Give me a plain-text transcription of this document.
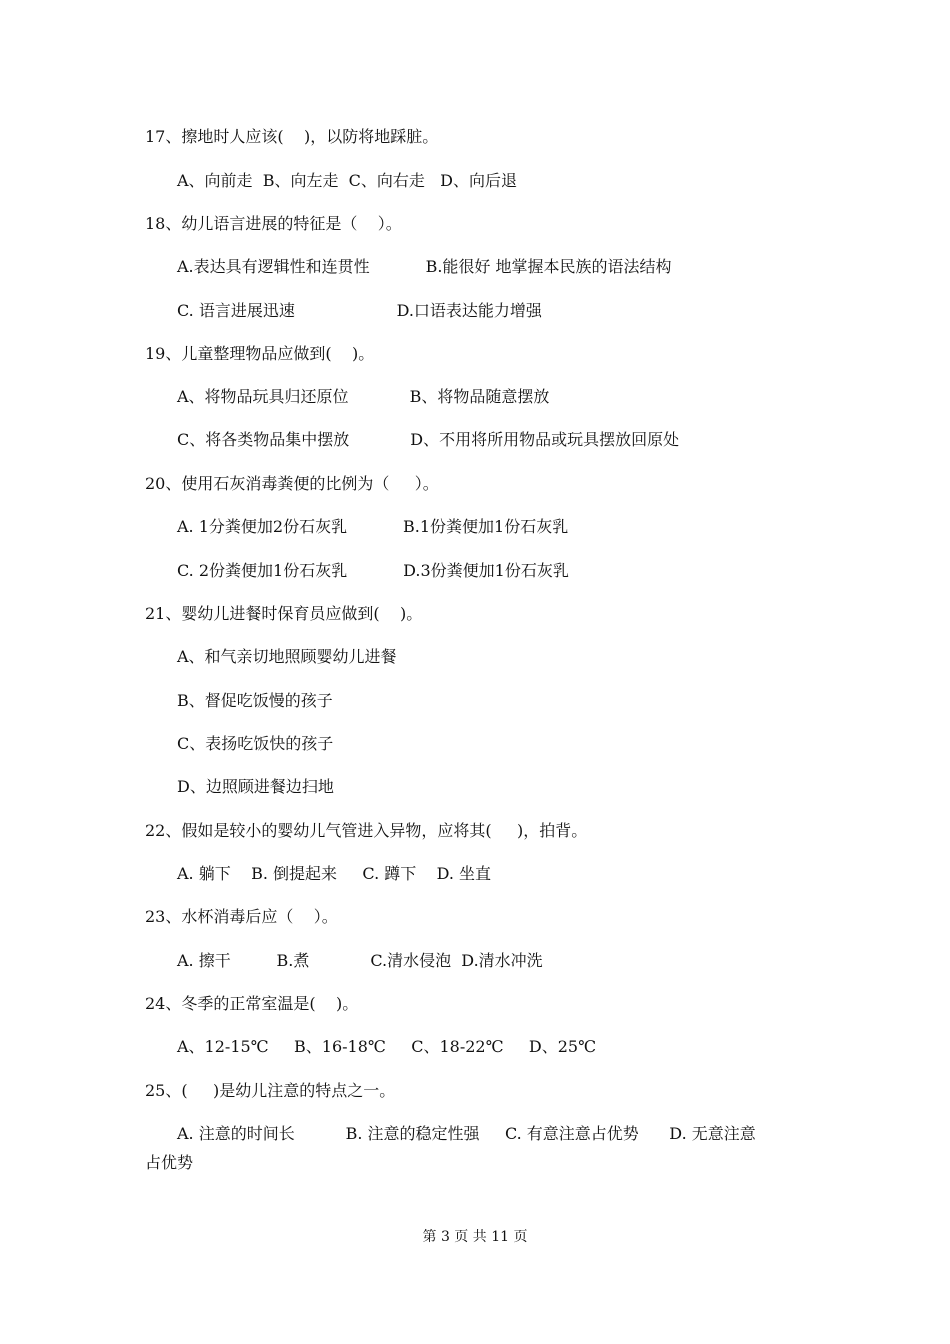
17、擦地时人应该(    )，以防将地踩脏。
A、向前走  B、向左走  C、向右走   D、向后退
18、幼儿语言进展的特征是（    ）。
A.表达具有逻辑性和连贯性           B.能很好 地掌握本民族的语法结构
C. 语言进展迅速                    D.口语表达能力增强
19、儿童整理物品应做到(    )。
A、将物品玩具归还原位            B、将物品随意摆放
C、将各类物品集中摆放            D、不用将所用物品或玩具摆放回原处
20、使用石灰消毒粪便的比例为（     ）。
A. 1分粪便加2份石灰乳           B.1份粪便加1份石灰乳
C. 2份粪便加1份石灰乳           D.3份粪便加1份石灰乳
21、婴幼儿进餐时保育员应做到(    )。
A、和气亲切地照顾婴幼儿进餐
B、督促吃饭慢的孩子
C、表扬吃饭快的孩子
D、边照顾进餐边扫地
22、假如是较小的婴幼儿气管进入异物，应将其(     )，拍背。
A. 躺下    B. 倒提起来     C. 蹲下    D. 坐直
23、水杯消毒后应（    ）。
A. 擦干         B.煮            C.清水侵泡  D.清水冲洗
24、冬季的正常室温是(    )。
A、12-15℃     B、16-18℃     C、18-22℃     D、25℃
25、(     )是幼儿注意的特点之一。
A. 注意的时间长          B. 注意的稳定性强     C. 有意注意占优势      D. 无意注意
占优势
第 3 页 共 11 页
